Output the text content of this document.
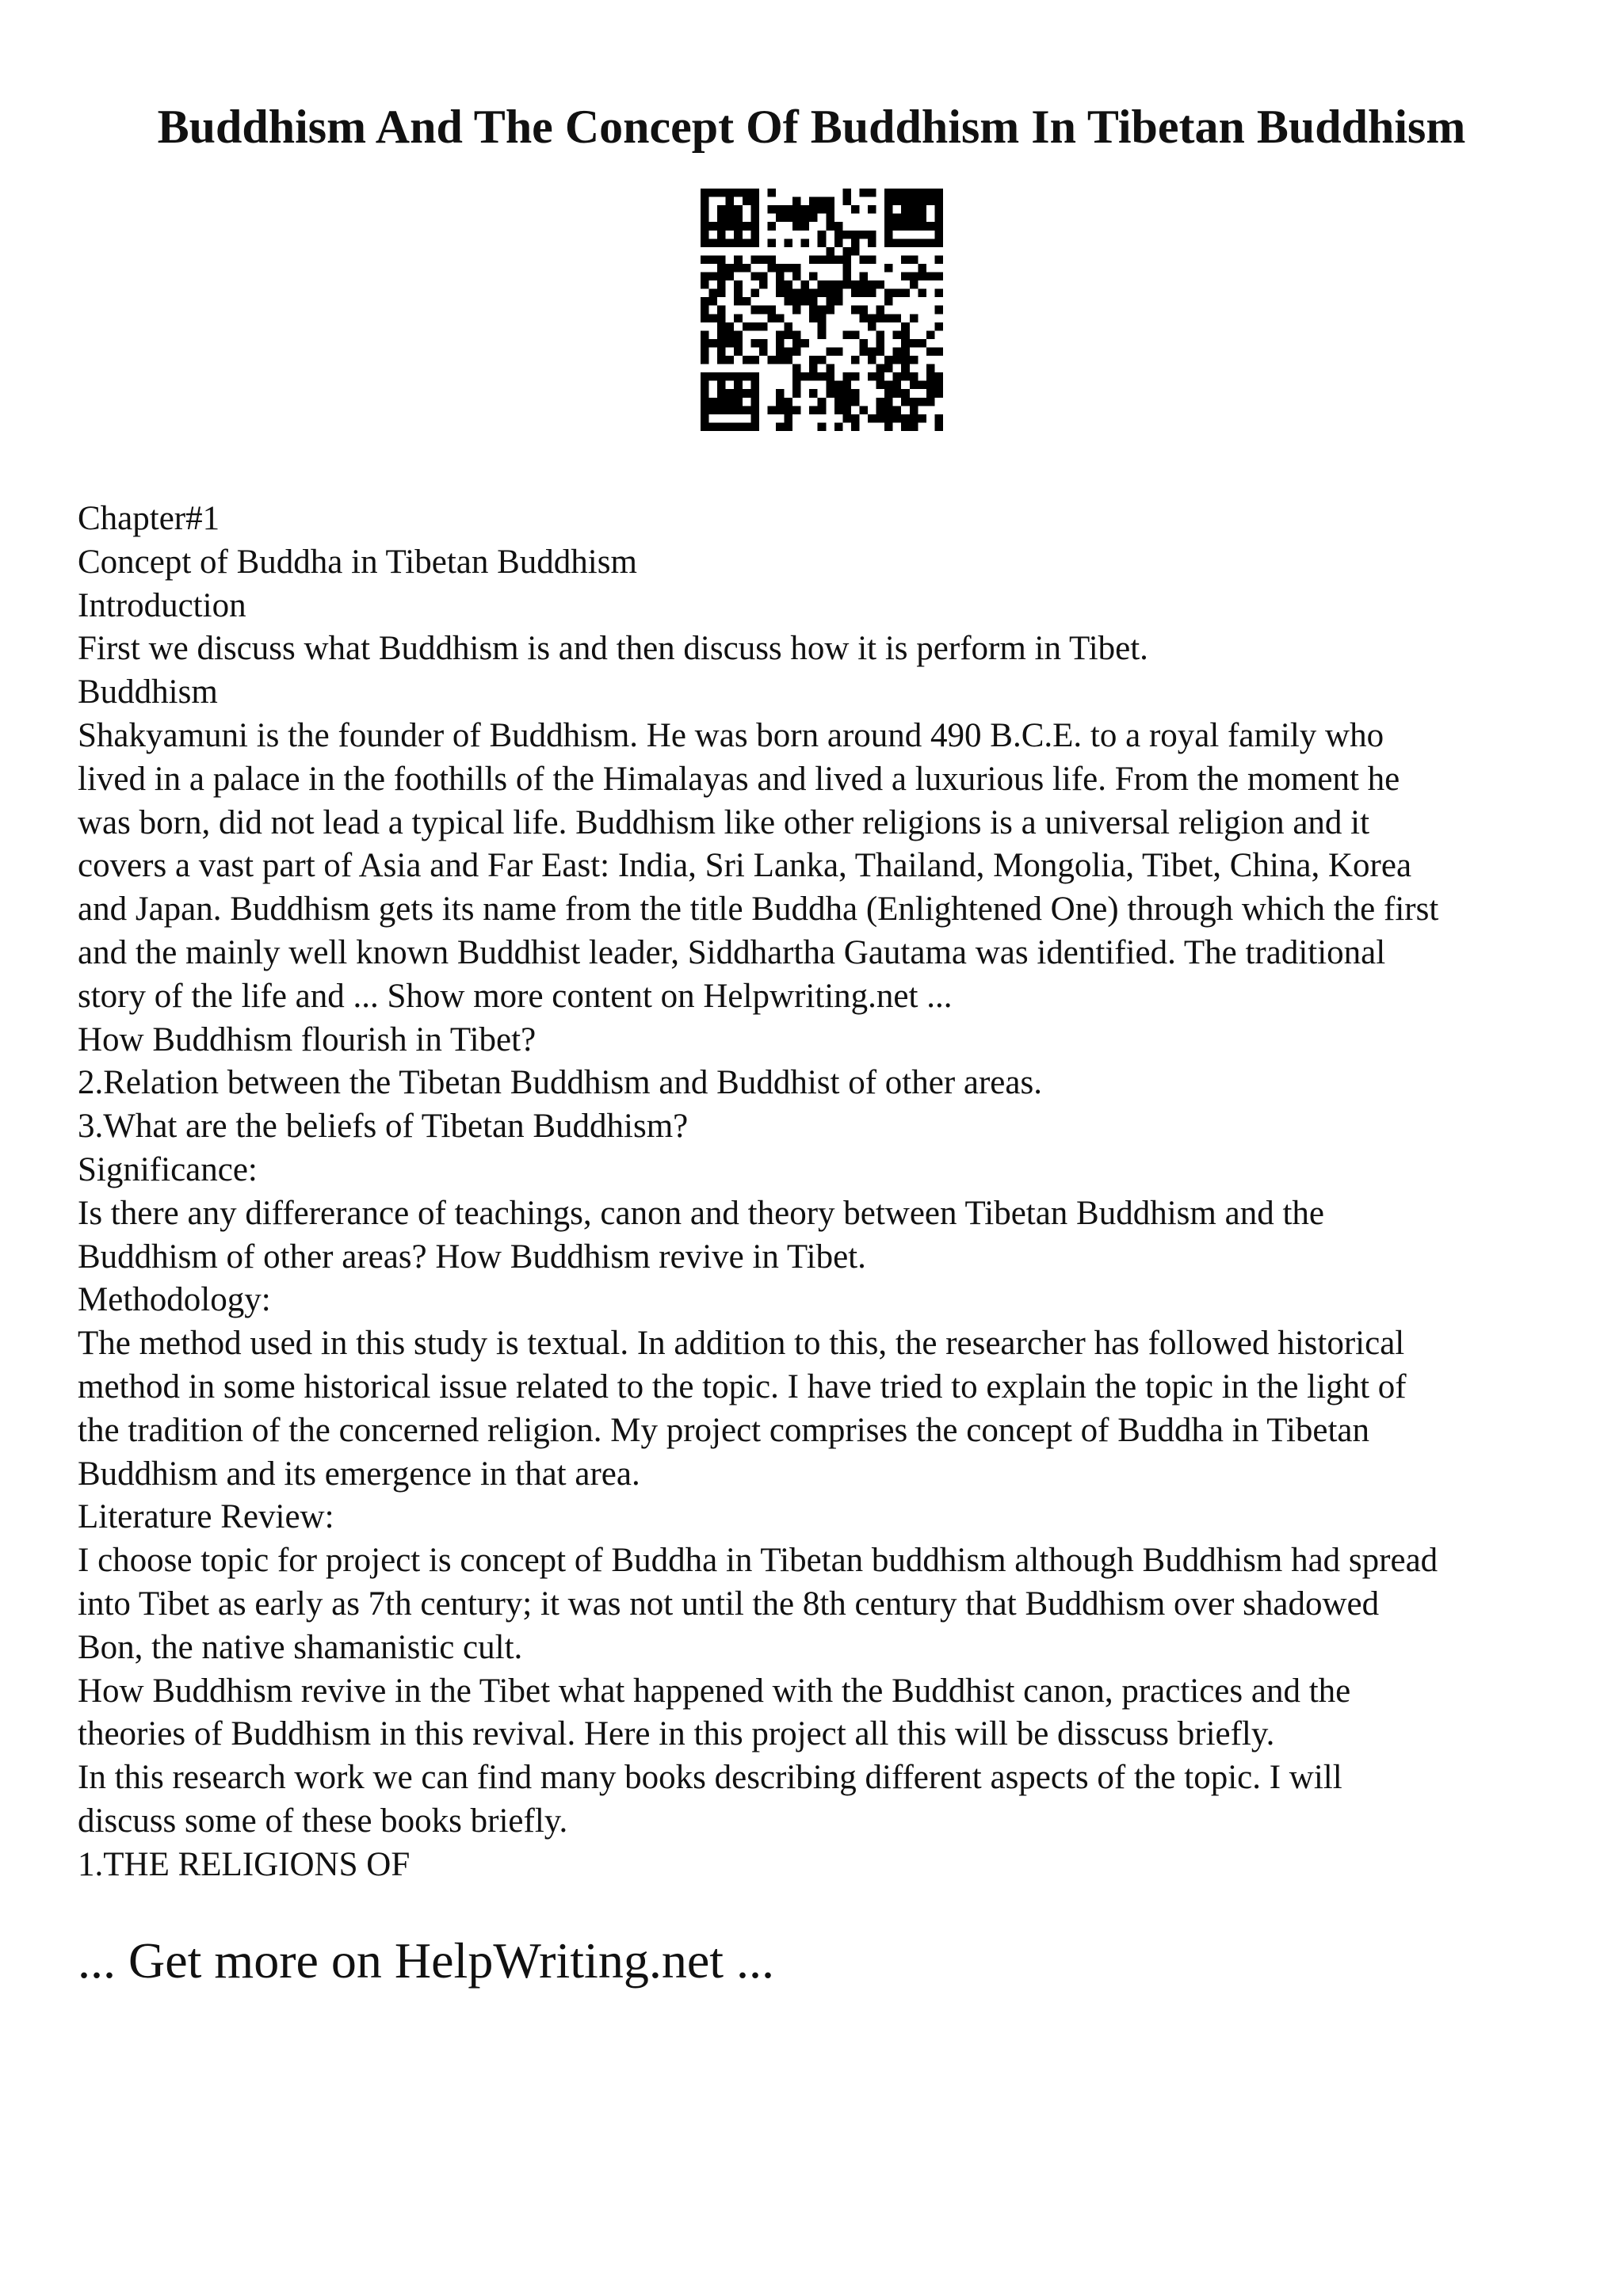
Buddhism And The Concept Of Buddhism In Tibetan Buddhism
Chapter#1
Concept of Buddha in Tibetan Buddhism
Introduction
First we discuss what Buddhism is and then discuss how it is perform in Tibet.
Buddhism
Shakyamuni is the founder of Buddhism. He was born around 490 B.C.E. to a royal family who
lived in a palace in the foothills of the Himalayas and lived a luxurious life. From the moment he
was born, did not lead a typical life. Buddhism like other religions is a universal religion and it
covers a vast part of Asia and Far East: India, Sri Lanka, Thailand, Mongolia, Tibet, China, Korea
and Japan. Buddhism gets its name from the title Buddha (Enlightened One) through which the first
and the mainly well known Buddhist leader, Siddhartha Gautama was identified. The traditional
story of the life and ... Show more content on Helpwriting.net ...
How Buddhism flourish in Tibet?
2.Relation between the Tibetan Buddhism and Buddhist of other areas.
3.What are the beliefs of Tibetan Buddhism?
Significance:
Is there any differerance of teachings, canon and theory between Tibetan Buddhism and the
Buddhism of other areas? How Buddhism revive in Tibet.
Methodology:
The method used in this study is textual. In addition to this, the researcher has followed historical
method in some historical issue related to the topic. I have tried to explain the topic in the light of
the tradition of the concerned religion. My project comprises the concept of Buddha in Tibetan
Buddhism and its emergence in that area.
Literature Review:
I choose topic for project is concept of Buddha in Tibetan buddhism although Buddhism had spread
into Tibet as early as 7th century; it was not until the 8th century that Buddhism over shadowed
Bon, the native shamanistic cult.
How Buddhism revive in the Tibet what happened with the Buddhist canon, practices and the
theories of Buddhism in this revival. Here in this project all this will be disscuss briefly.
In this research work we can find many books describing different aspects of the topic. I will
discuss some of these books briefly.
1.THE RELIGIONS OF
... Get more on HelpWriting.net ...
